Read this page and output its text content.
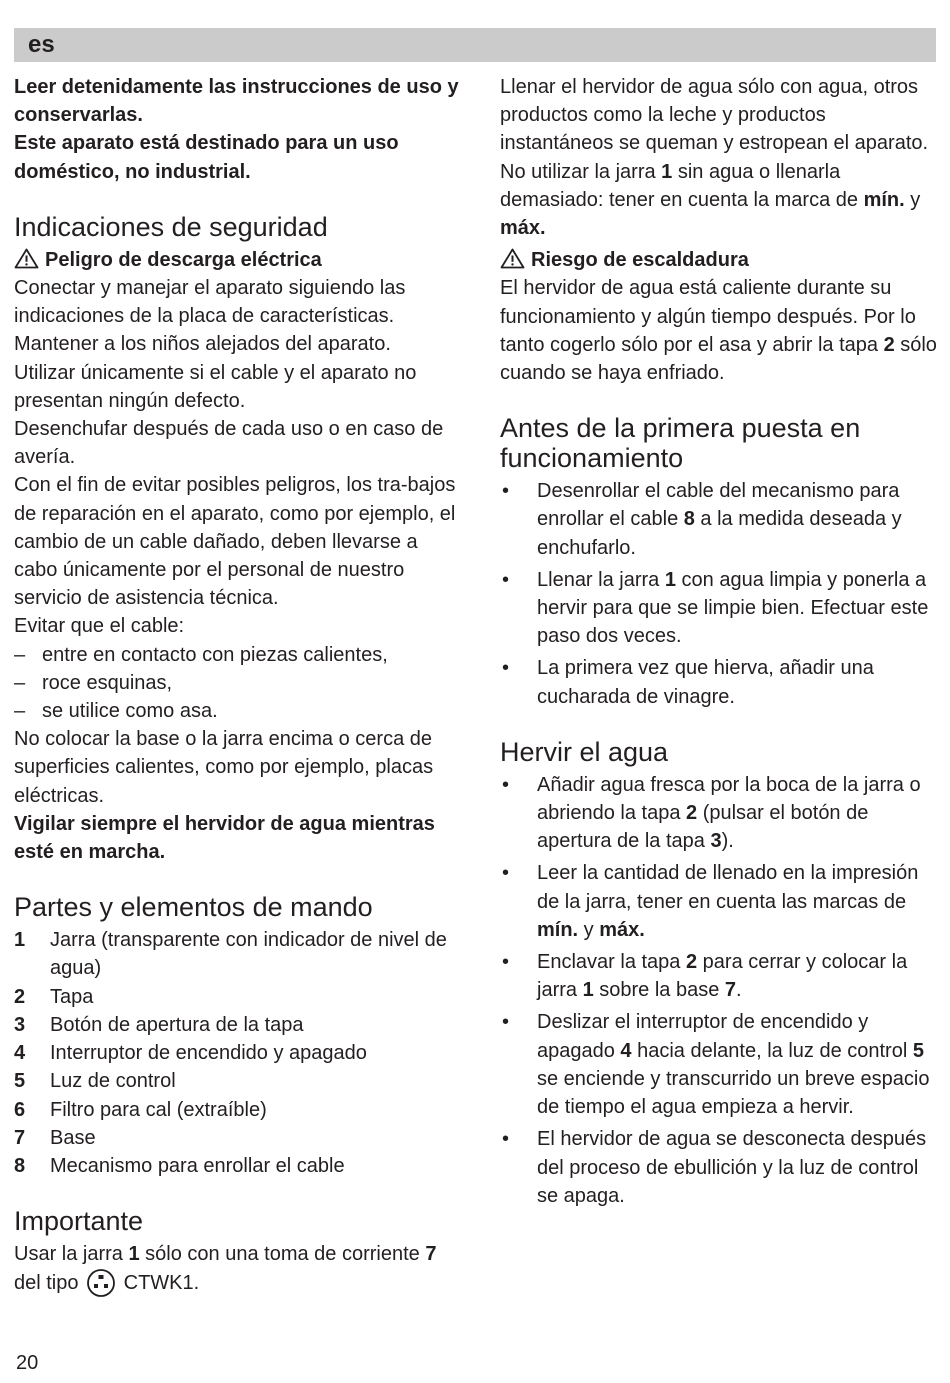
es

Leer detenidamente las instrucciones de uso y conservarlas.

Este aparato está destinado para un uso doméstico, no industrial.

Indicaciones de seguridad

Peligro de descarga eléctrica

Conectar y manejar el aparato siguiendo las indicaciones de la placa de características.

Mantener a los niños alejados del aparato.

Utilizar únicamente si el cable y el aparato no presentan ningún defecto.

Desenchufar después de cada uso o en caso de avería.

Con el fin de evitar posibles peligros, los tra-bajos de reparación en el aparato, como por ejemplo, el cambio de un cable dañado, deben llevarse a cabo únicamente por el personal de nuestro servicio de asistencia técnica.

Evitar que el cable:

– entre en contacto con piezas calientes,
– roce esquinas,
– se utilice como asa.

No colocar la base o la jarra encima o cerca de superficies calientes, como por ejemplo, placas eléctricas.

Vigilar siempre el hervidor de agua mientras esté en marcha.

Partes y elementos de mando
1	Jarra (transparente con indicador de nivel de agua)
2	Tapa
3	Botón de apertura de la tapa
4	Interruptor de encendido y apagado
5	Luz de control
6	Filtro para cal (extraíble)
7	Base
8	Mecanismo para enrollar el cable
Importante

Usar la jarra 1 sólo con una toma de corriente 7 del tipo  CTWK1.

Llenar el hervidor de agua sólo con agua, otros productos como la leche y productos instantáneos se queman y estropean el aparato.

No utilizar la jarra 1 sin agua o llenarla demasiado: tener en cuenta la marca de mín. y máx.

Riesgo de escaldadura

El hervidor de agua está caliente durante su funcionamiento y algún tiempo después. Por lo tanto cogerlo sólo por el asa y abrir la tapa 2 sólo cuando se haya enfriado.

Antes de la primera puesta en funcionamiento
•	Desenrollar el cable del mecanismo para enrollar el cable 8 a la medida deseada y enchufarlo.
•	Llenar la jarra 1 con agua limpia y ponerla a hervir para que se limpie bien. Efectuar este paso dos veces.
•	La primera vez que hierva, añadir una cucharada de vinagre.
Hervir el agua
•	Añadir agua fresca por la boca de la jarra o abriendo la tapa 2 (pulsar el botón de apertura de la tapa 3).
•	Leer la cantidad de llenado en la impresión de la jarra, tener en cuenta las marcas de mín. y máx.
•	Enclavar la tapa 2 para cerrar y colocar la jarra 1 sobre la base 7.
•	Deslizar el interruptor de encendido y apagado 4 hacia delante, la luz de control 5 se enciende y transcurrido un breve espacio de tiempo el agua empieza a hervir.
•	El hervidor de agua se desconecta después del proceso de ebullición y la luz de control se apaga.
20
